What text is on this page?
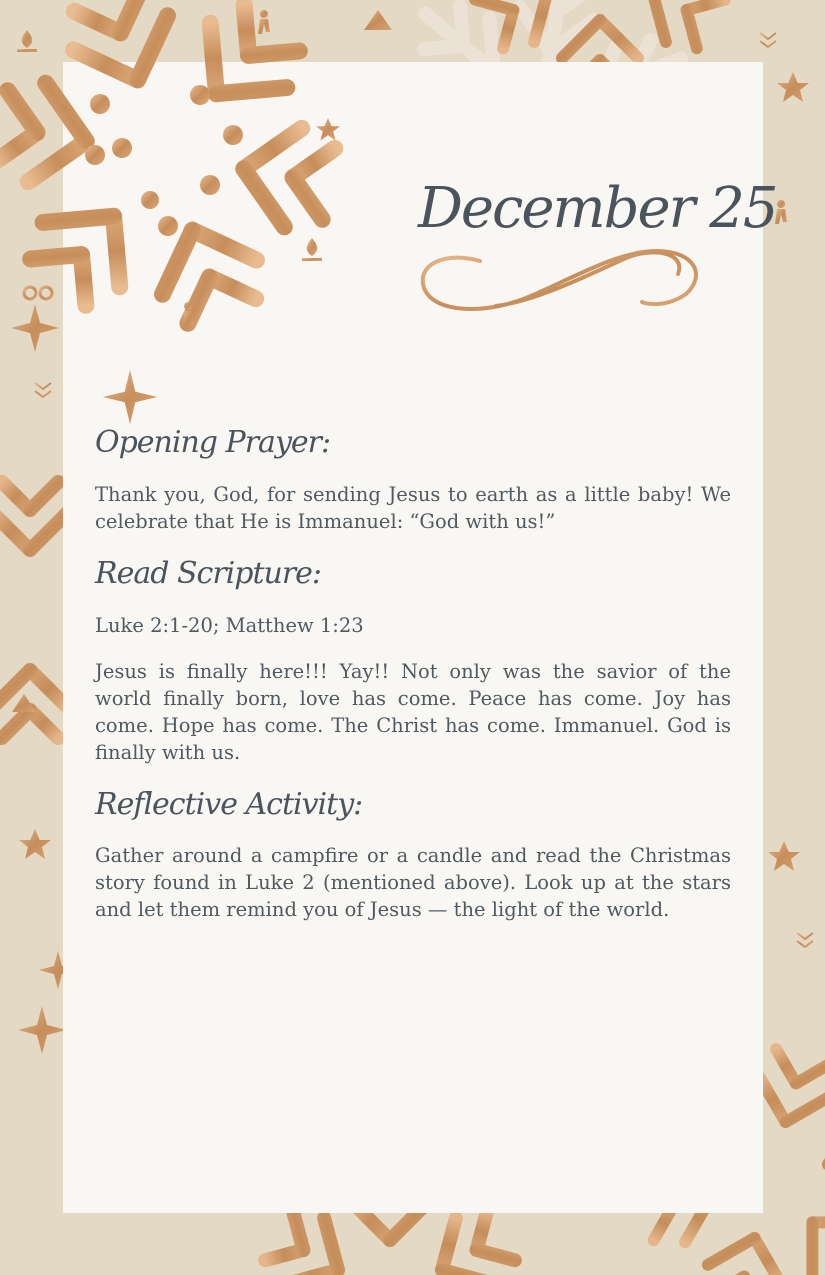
December 25
Opening Prayer:
Thank you, God, for sending Jesus to earth as a little baby! We celebrate that He is Immanuel: “God with us!”
Read Scripture:
Luke 2:1-20; Matthew 1:23
Jesus is finally here!!! Yay!! Not only was the savior of the world finally born, love has come. Peace has come. Joy has come. Hope has come. The Christ has come. Immanuel. God is finally with us.
Reflective Activity:
Gather around a campfire or a candle and read the Christmas story found in Luke 2 (mentioned above). Look up at the stars and let them remind you of Jesus — the light of the world.
